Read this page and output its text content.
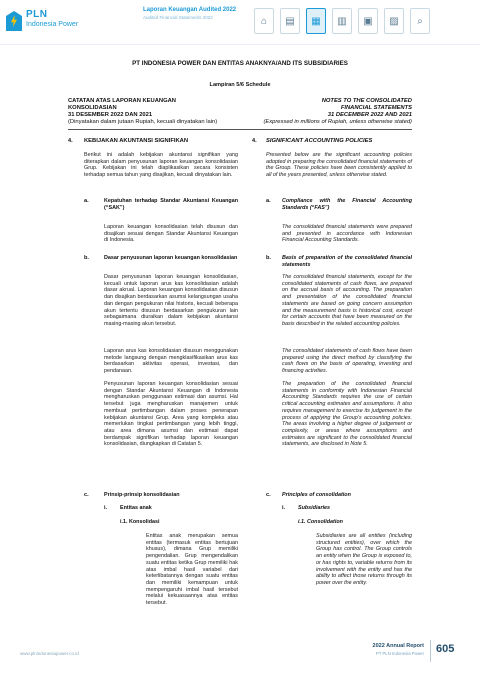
PLN
Indonesia Power
Laporan Keuangan Audited 2022
Audited Financial Statements 2022	⌂	▤	▦	▥	▣	▨	⌕
PT INDONESIA POWER DAN ENTITAS ANAKNYA/AND ITS SUBSIDIARIES
Lampiran 5/6 Schedule
CATATAN ATAS LAPORAN KEUANGAN
KONSOLIDASIAN
31 DESEMBER 2022 DAN 2021
(Dinyatakan dalam jutaan Rupiah, kecuali dinyatakan lain)
NOTES TO THE CONSOLIDATED
FINANCIAL STATEMENTS
31 DECEMBER 2022 AND 2021
(Expressed in millions of Rupiah, unless otherwise stated)
4. KEBIJAKAN AKUNTANSI SIGNIFIKAN	4. SIGNIFICANT ACCOUNTING POLICIES
Berikut ini adalah kebijakan akuntansi signifikan yang diterapkan dalam penyusunan laporan keuangan konsolidasian Grup. Kebijakan ini telah diaplikasikan secara konsisten terhadap semua tahun yang disajikan, kecuali dinyatakan lain.
Presented below are the significant accounting policies adopted in preparing the consolidated financial statements of the Group. These policies have been consistently applied to all of the years presented, unless otherwise stated.
a.	Kepatuhan terhadap Standar Akuntansi Keuangan (“SAK”)
a. Compliance with the Financial Accounting Standards (“FAS”)
Laporan keuangan konsolidasian telah disusun dan disajikan sesuai dengan Standar Akuntansi Keuangan di Indonesia.
The consolidated financial statements were prepared and presented in accordance with Indonesian Financial Accounting Standards.
b.	Dasar penyusunan laporan keuangan konsolidasian	b. Basis of preparation of the consolidated financial statements
Dasar penyusunan laporan keuangan konsolidasian, kecuali untuk laporan arus kas konsolidasian adalah dasar akrual. Laporan keuangan konsolidasian disusun dan disajikan berdasarkan asumsi kelangsungan usaha dan dengan pengukuran nilai historis, kecuali beberapa akun tertentu disusun berdasarkan pengukuran lain sebagaimana diuraikan dalam kebijakan akuntansi masing-masing akun tersebut.
The consolidated financial statements, except for the consolidated statements of cash flows, are prepared on the accrual basis of accounting. The preparation and presentation of the consolidated financial statements are based on going concern assumption and the measurement basis is historical cost, except for certain accounts that have been measured on the basis described in the related accounting policies.
Laporan arus kas konsolidasian disusun menggunakan metode langsung dengan mengklasifikasikan arus kas berdasarkan aktivitas operasi, investasi, dan pendanaan.
The consolidated statements of cash flows have been prepared using the direct method by classifying the cash flows on the basis of operating, investing and financing activities.
Penyusunan laporan keuangan konsolidasian sesuai dengan Standar Akuntansi Keuangan di Indonesia mengharuskan penggunaan estimasi dan asumsi. Hal tersebut juga mengharuskan manajemen untuk membuat pertimbangan dalam proses penerapan kebijakan akuntansi Grup. Area yang kompleks atau memerlukan tingkat pertimbangan yang lebih tinggi, atau area dimana asumsi dan estimasi dapat berdampak signifikan terhadap laporan keuangan konsolidasian, diungkapkan di Catatan 5.
The preparation of the consolidated financial statements in conformity with Indonesian Financial Accounting Standards requires the use of certain critical accounting estimates and assumptions. It also requires management to exercise its judgement in the process of applying the Group’s accounting policies. The areas involving a higher degree of judgement or complexity, or areas where assumptions and estimates are significant to the consolidated financial statements, are disclosed in Note 5.
c.	Prinsip-prinsip konsolidasian	c. Principles of consolidation
i. Entitas anak	i. Subsidiaries
i.1. Konsolidasi	i.1. Consolidation
Entitas anak merupakan semua entitas (termasuk entitas bertujuan khusus), dimana Grup memiliki pengendalian. Grup mengendalikan suatu entitas ketika Grup memiliki hak atas imbal hasil variabel dari keterlibatannya dengan suatu entitas dan memiliki kemampuan untuk mempengaruhi imbal hasil tersebut melalui kekuasaannya atas entitas tersebut.
Subsidiaries are all entities (including structured entities), over which the Group has control. The Group controls an entity when the Group is exposed to, or has rights to, variable returns from its involvement with the entity and has the ability to affect those returns through its power over the entity.
www.plnindonesiapower.co.id
2022 Annual Report
PT PLN Indonesia Power 605
